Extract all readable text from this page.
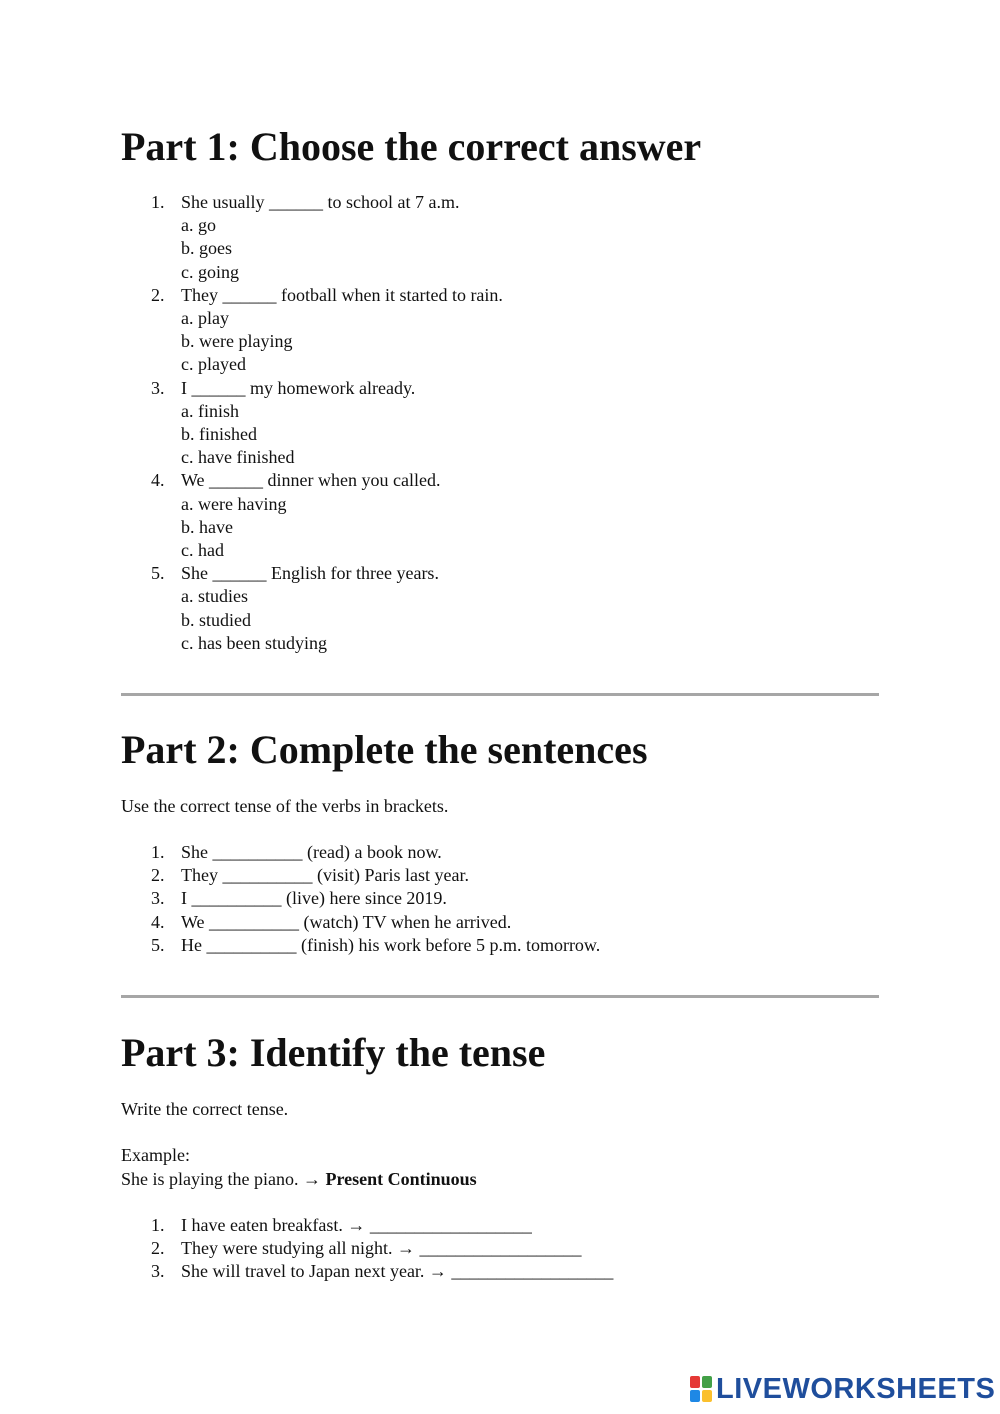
Part 1: Choose the correct answer
1. She usually ______ to school at 7 a.m.
a. go
b. goes
c. going
2. They ______ football when it started to rain.
a. play
b. were playing
c. played
3. I ______ my homework already.
a. finish
b. finished
c. have finished
4. We ______ dinner when you called.
a. were having
b. have
c. had
5. She ______ English for three years.
a. studies
b. studied
c. has been studying
Part 2: Complete the sentences
Use the correct tense of the verbs in brackets.
1. She __________ (read) a book now.
2. They __________ (visit) Paris last year.
3. I __________ (live) here since 2019.
4. We __________ (watch) TV when he arrived.
5. He __________ (finish) his work before 5 p.m. tomorrow.
Part 3: Identify the tense
Write the correct tense.
Example:
She is playing the piano. → Present Continuous
1. I have eaten breakfast. → __________________
2. They were studying all night. → __________________
3. She will travel to Japan next year. → __________________
LIVEWORKSHEETS
